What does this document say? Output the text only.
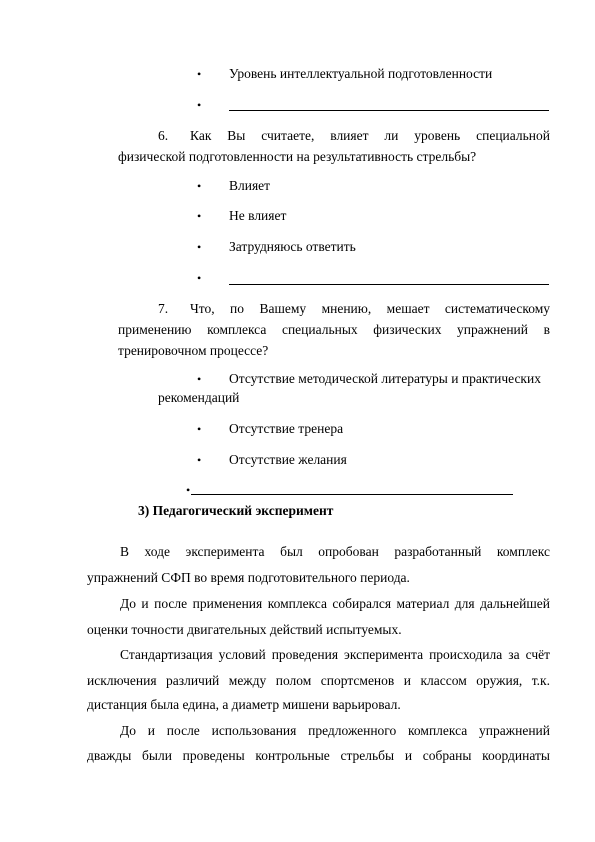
• Уровень интеллектуальной подготовленности
•
6. Как Вы считаете, влияет ли уровень специальной
физической подготовленности на результативность стрельбы?
• Влияет
• Не влияет
• Затрудняюсь ответить
•
7. Что, по Вашему мнению, мешает систематическому
применению комплекса специальных физических упражнений в
тренировочном процессе?
• Отсутствие методической литературы и практических
рекомендаций
• Отсутствие тренера
• Отсутствие желания
•
3) Педагогический эксперимент
В ходе эксперимента был опробован разработанный комплекс
упражнений СФП во время подготовительного периода.
До и после применения комплекса собирался материал для дальнейшей
оценки точности двигательных действий испытуемых.
Стандартизация условий проведения эксперимента происходила за счёт
исключения различий между полом спортсменов и классом оружия, т.к.
дистанция была едина, а диаметр мишени варьировал.
До и после использования предложенного комплекса упражнений
дважды были проведены контрольные стрельбы и собраны координаты
